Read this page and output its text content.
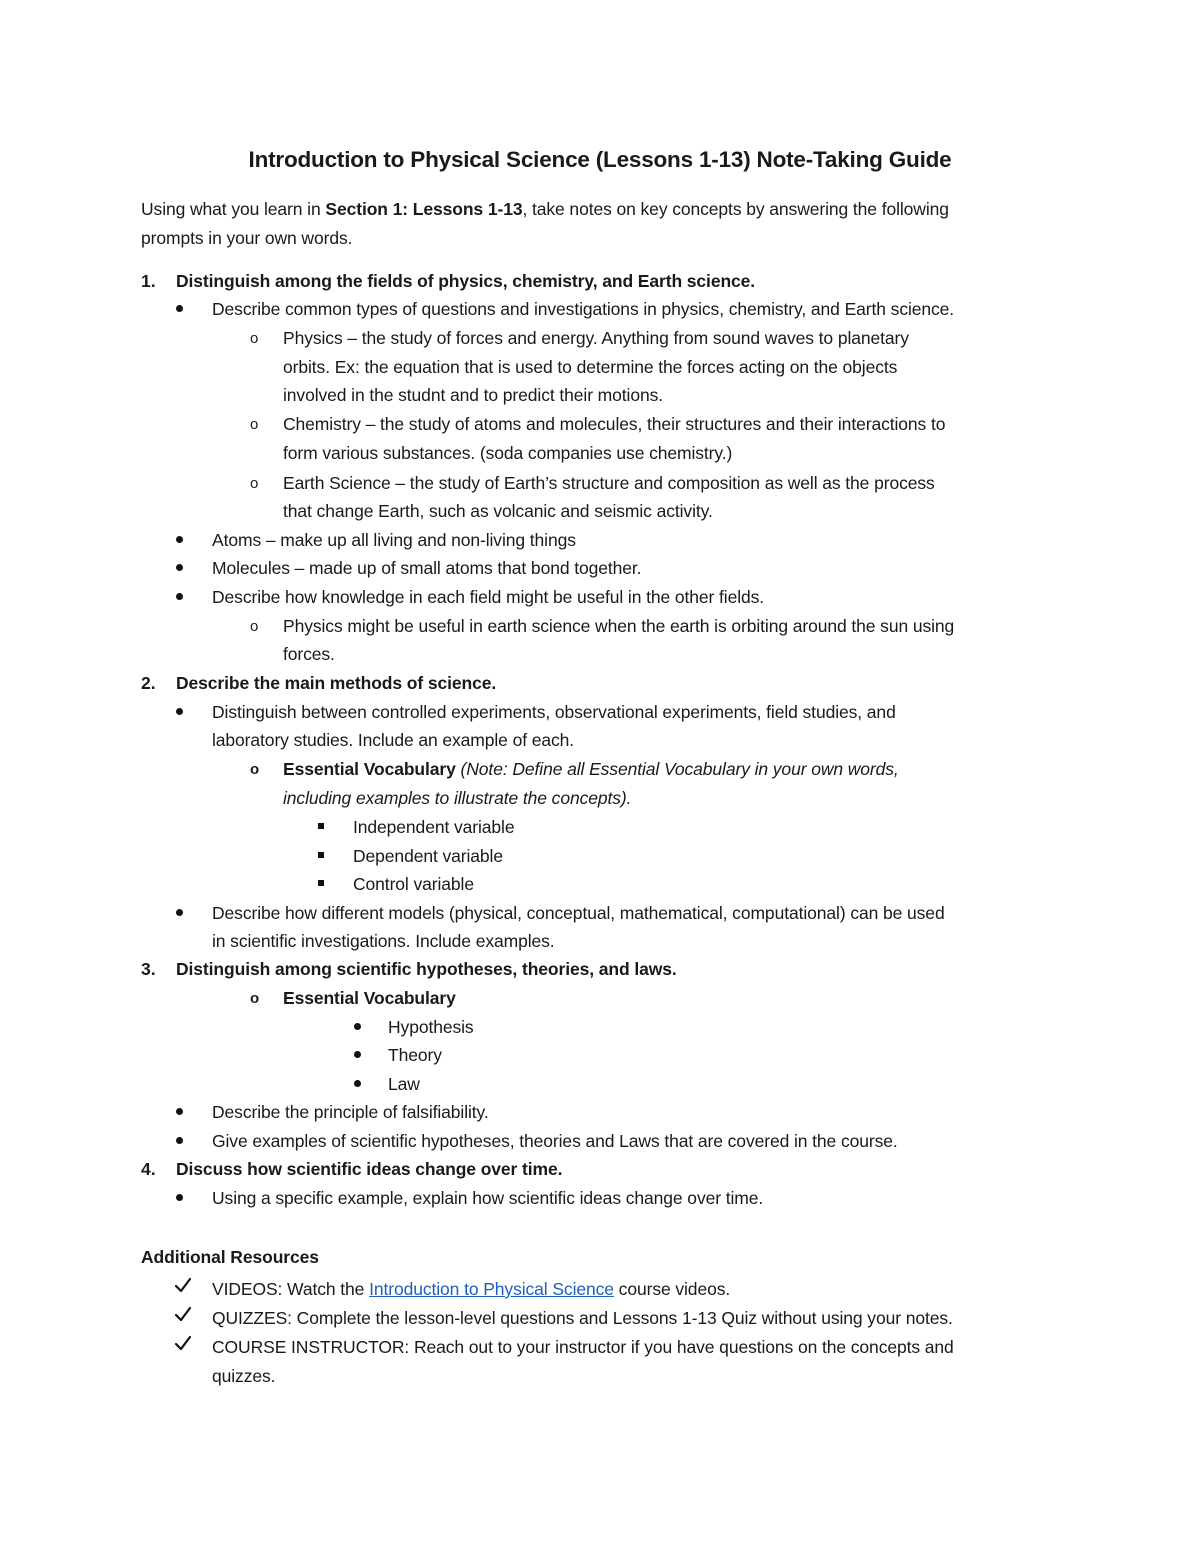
Introduction to Physical Science (Lessons 1-13) Note-Taking Guide
Using what you learn in Section 1: Lessons 1-13, take notes on key concepts by answering the following
prompts in your own words.
1. Distinguish among the fields of physics, chemistry, and Earth science.
Describe common types of questions and investigations in physics, chemistry, and Earth science.
o Physics – the study of forces and energy. Anything from sound waves to planetary
orbits. Ex: the equation that is used to determine the forces acting on the objects
involved in the studnt and to predict their motions.
o Chemistry – the study of atoms and molecules, their structures and their interactions to
form various substances. (soda companies use chemistry.)
o Earth Science – the study of Earth’s structure and composition as well as the process
that change Earth, such as volcanic and seismic activity.
Atoms – make up all living and non-living things
Molecules – made up of small atoms that bond together.
Describe how knowledge in each field might be useful in the other fields.
o Physics might be useful in earth science when the earth is orbiting around the sun using
forces.
2. Describe the main methods of science.
Distinguish between controlled experiments, observational experiments, field studies, and
laboratory studies. Include an example of each.
o Essential Vocabulary (Note: Define all Essential Vocabulary in your own words,
including examples to illustrate the concepts).
Independent variable
Dependent variable
Control variable
Describe how different models (physical, conceptual, mathematical, computational) can be used
in scientific investigations. Include examples.
3. Distinguish among scientific hypotheses, theories, and laws.
o Essential Vocabulary
Hypothesis
Theory
Law
Describe the principle of falsifiability.
Give examples of scientific hypotheses, theories and Laws that are covered in the course.
4. Discuss how scientific ideas change over time.
Using a specific example, explain how scientific ideas change over time.
Additional Resources
VIDEOS: Watch the Introduction to Physical Science course videos.
QUIZZES: Complete the lesson-level questions and Lessons 1-13 Quiz without using your notes.
COURSE INSTRUCTOR: Reach out to your instructor if you have questions on the concepts and
quizzes.
